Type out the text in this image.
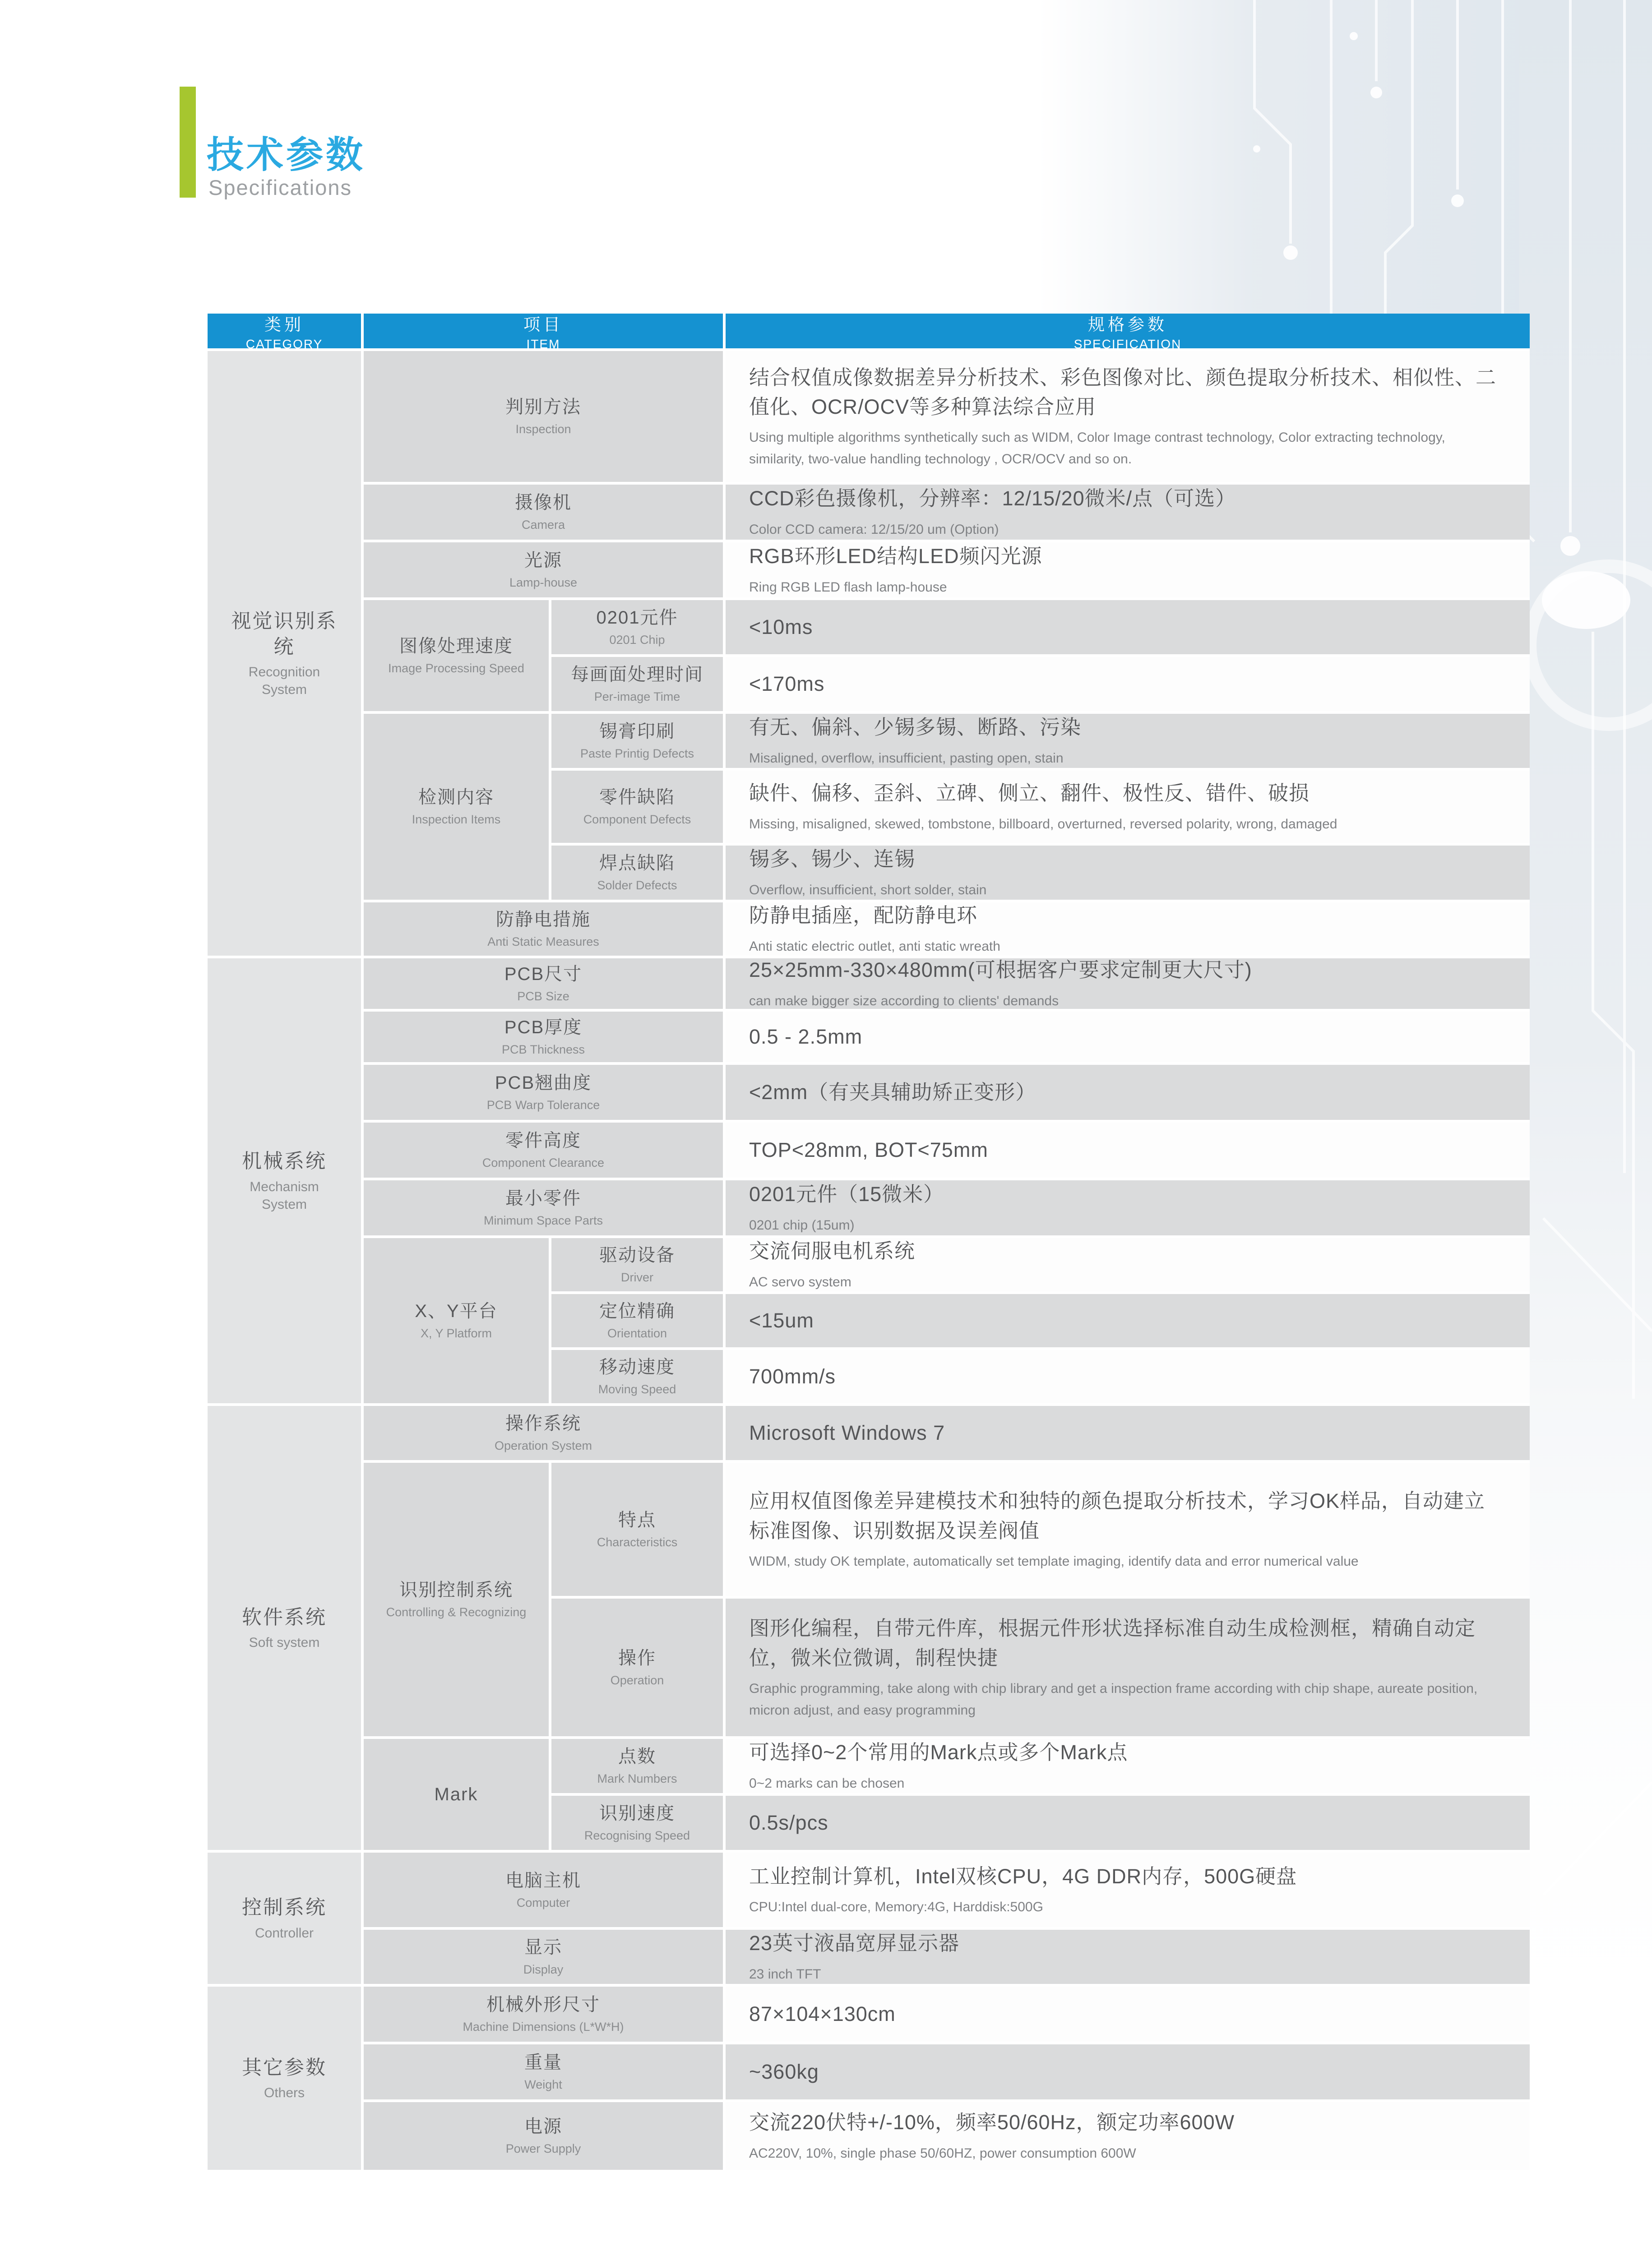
技术参数
Specifications
类别
CATEGORY
项目
ITEM
规格参数
SPECIFICATION
视觉识别系统
Recognition System
判别方法
Inspection
结合权值成像数据差异分析技术、彩色图像对比、颜色提取分析技术、相似性、二值化、OCR/OCV等多种算法综合应用
Using multiple algorithms synthetically such as WIDM, Color Image contrast technology, Color extracting technology, similarity, two-value handling technology , OCR/OCV and so on.
摄像机
Camera
CCD彩色摄像机，分辨率：12/15/20微米/点（可选）
Color CCD camera: 12/15/20 um (Option)
光源
Lamp-house
RGB环形LED结构LED频闪光源
Ring RGB LED flash lamp-house
图像处理速度
Image Processing Speed
0201元件
0201 Chip
<10ms
每画面处理时间
Per-image Time
<170ms
检测内容
Inspection Items
锡膏印刷
Paste Printig Defects
有无、偏斜、少锡多锡、断路、污染
Misaligned, overflow, insufficient, pasting open, stain
零件缺陷
Component Defects
缺件、偏移、歪斜、立碑、侧立、翻件、极性反、错件、破损
Missing, misaligned, skewed, tombstone, billboard, overturned, reversed polarity, wrong, damaged
焊点缺陷
Solder Defects
锡多、锡少、连锡
Overflow, insufficient, short solder, stain
防静电措施
Anti Static Measures
防静电插座，配防静电环
Anti static electric outlet, anti static wreath
机械系统
Mechanism System
PCB尺寸
PCB Size
25×25mm-330×480mm(可根据客户要求定制更大尺寸)
can make bigger size according to clients' demands
PCB厚度
PCB Thickness
0.5 - 2.5mm
PCB翘曲度
PCB Warp Tolerance
<2mm（有夹具辅助矫正变形）
零件高度
Component Clearance
TOP<28mm, BOT<75mm
最小零件
Minimum Space Parts
0201元件（15微米）
0201 chip (15um)
X、Y平台
X, Y Platform
驱动设备
Driver
交流伺服电机系统
AC servo system
定位精确
Orientation
<15um
移动速度
Moving Speed
700mm/s
软件系统
Soft system
操作系统
Operation System
Microsoft Windows 7
识别控制系统
Controlling & Recognizing
特点
Characteristics
应用权值图像差异建模技术和独特的颜色提取分析技术，学习OK样品，自动建立标准图像、识别数据及误差阀值
WIDM, study OK template, automatically set template imaging, identify data and error numerical value
操作
Operation
图形化编程，自带元件库，根据元件形状选择标准自动生成检测框，精确自动定位，微米位微调，制程快捷
Graphic programming, take along with chip library and get a inspection frame according with chip shape, aureate position, micron adjust, and easy programming
Mark
点数
Mark Numbers
可选择0~2个常用的Mark点或多个Mark点
0~2 marks can be chosen
识别速度
Recognising Speed
0.5s/pcs
控制系统
Controller
电脑主机
Computer
工业控制计算机，Intel双核CPU，4G DDR内存，500G硬盘
CPU:Intel dual-core, Memory:4G, Harddisk:500G
显示
Display
23英寸液晶宽屏显示器
23 inch TFT
其它参数
Others
机械外形尺寸
Machine Dimensions (L*W*H)
87×104×130cm
重量
Weight
~360kg
电源
Power Supply
交流220伏特+/-10%，频率50/60Hz，额定功率600W
AC220V, 10%, single phase 50/60HZ, power consumption 600W
